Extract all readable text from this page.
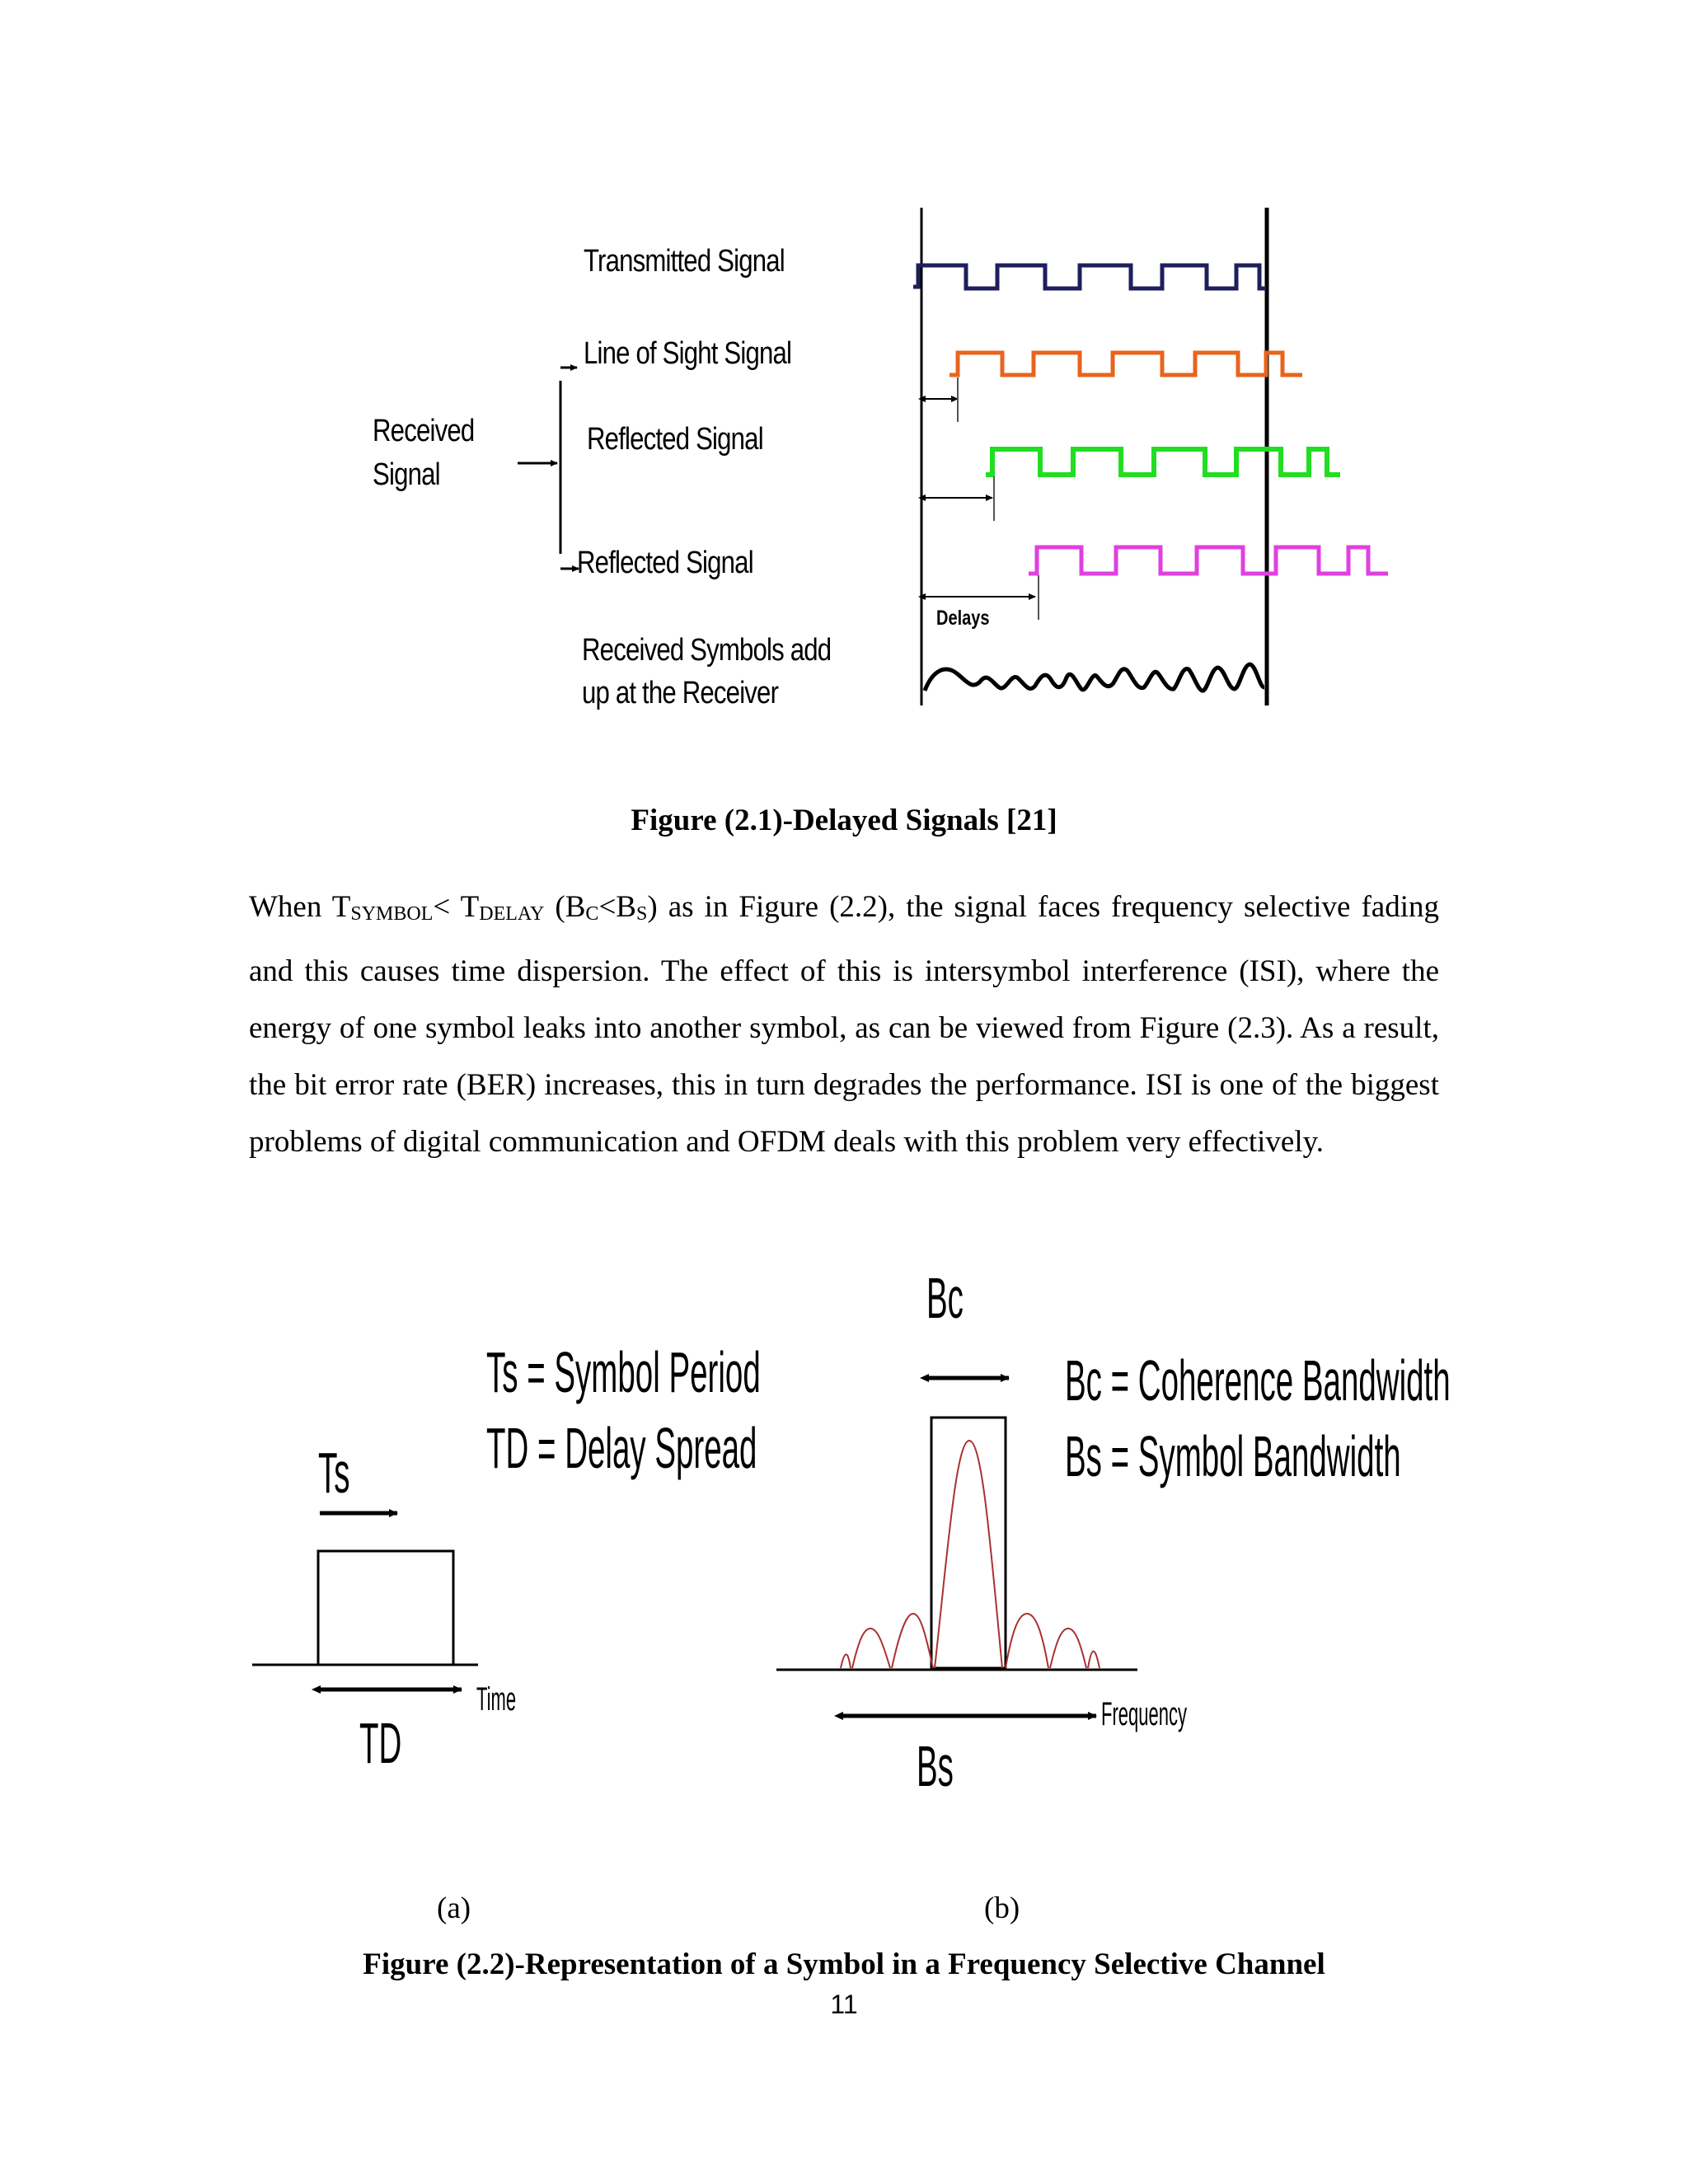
Transmitted Signal
Line of Sight Signal
Received
Signal
Reflected Signal
Reflected Signal
Received Symbols add
up at the Receiver
Delays
Figure (2.1)-Delayed Signals [21]
When $T_{SYMBOL}< T_{DELAY}$ $(B_C<B_S)$ as in Figure (2.2), the signal faces frequency selective fading and this causes time dispersion. The effect of this is intersymbol interference (ISI), where the energy of one symbol leaks into another symbol, as can be viewed from Figure (2.3). As a result, the bit error rate (BER) increases, this in turn degrades the performance. ISI is one of the biggest problems of digital communication and OFDM deals with this problem very effectively.
Ts = Symbol Period
TD = Delay Spread
Ts
Time
TD
Bc
Bc = Coherence Bandwidth
Bs = Symbol Bandwidth
Frequency
Bs
(a)	(b)
Figure (2.2)-Representation of a Symbol in a Frequency Selective Channel
11
